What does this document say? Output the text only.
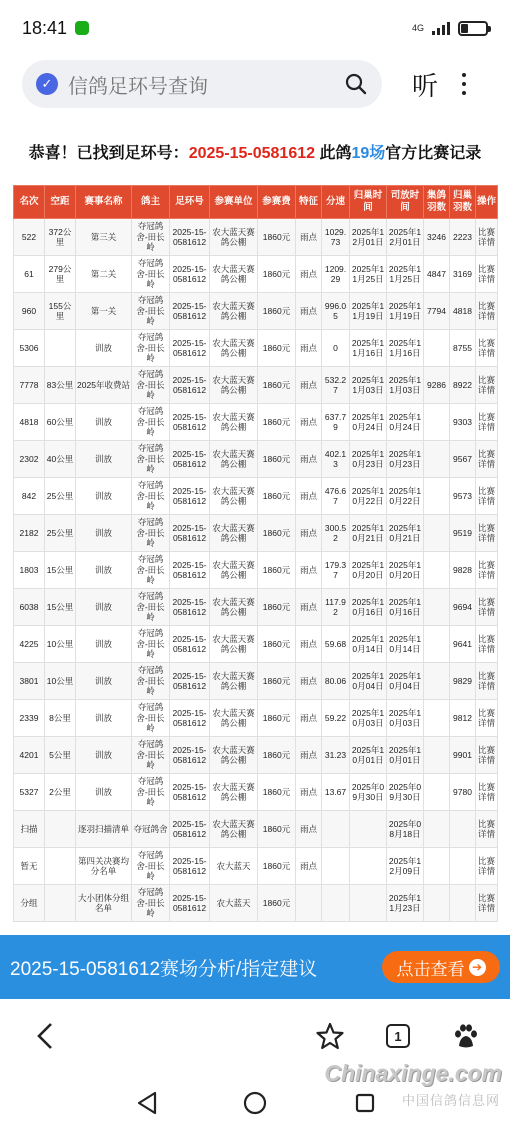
18:41	4G
✓ 信鸽足环号查询	听
恭喜！已找到足环号：2025-15-0581612 此鸽19场官方比赛记录
名次	空距	赛事名称	鸽主	足环号	参赛单位	参赛费	特征	分速	归巢时间	司放时间	集鸽羽数	归巢羽数	操作
522	372公里	第三关	夺冠鸽舍-田长岭	2025-15-0581612	农大蓝天赛鸽公棚	1860元	雨点	1029.73	2025年12月01日	2025年12月01日	3246	2223	比赛详情
61	279公里	第二关	夺冠鸽舍-田长岭	2025-15-0581612	农大蓝天赛鸽公棚	1860元	雨点	1209.29	2025年11月25日	2025年11月25日	4847	3169	比赛详情
960	155公里	第一关	夺冠鸽舍-田长岭	2025-15-0581612	农大蓝天赛鸽公棚	1860元	雨点	996.05	2025年11月19日	2025年11月19日	7794	4818	比赛详情
5306		训放	夺冠鸽舍-田长岭	2025-15-0581612	农大蓝天赛鸽公棚	1860元	雨点	0	2025年11月16日	2025年11月16日		8755	比赛详情
7778	83公里	2025年收费站	夺冠鸽舍-田长岭	2025-15-0581612	农大蓝天赛鸽公棚	1860元	雨点	532.27	2025年11月03日	2025年11月03日	9286	8922	比赛详情
4818	60公里	训放	夺冠鸽舍-田长岭	2025-15-0581612	农大蓝天赛鸽公棚	1860元	雨点	637.79	2025年10月24日	2025年10月24日		9303	比赛详情
2302	40公里	训放	夺冠鸽舍-田长岭	2025-15-0581612	农大蓝天赛鸽公棚	1860元	雨点	402.13	2025年10月23日	2025年10月23日		9567	比赛详情
842	25公里	训放	夺冠鸽舍-田长岭	2025-15-0581612	农大蓝天赛鸽公棚	1860元	雨点	476.67	2025年10月22日	2025年10月22日		9573	比赛详情
2182	25公里	训放	夺冠鸽舍-田长岭	2025-15-0581612	农大蓝天赛鸽公棚	1860元	雨点	300.52	2025年10月21日	2025年10月21日		9519	比赛详情
1803	15公里	训放	夺冠鸽舍-田长岭	2025-15-0581612	农大蓝天赛鸽公棚	1860元	雨点	179.37	2025年10月20日	2025年10月20日		9828	比赛详情
6038	15公里	训放	夺冠鸽舍-田长岭	2025-15-0581612	农大蓝天赛鸽公棚	1860元	雨点	117.92	2025年10月16日	2025年10月16日		9694	比赛详情
4225	10公里	训放	夺冠鸽舍-田长岭	2025-15-0581612	农大蓝天赛鸽公棚	1860元	雨点	59.68	2025年10月14日	2025年10月14日		9641	比赛详情
3801	10公里	训放	夺冠鸽舍-田长岭	2025-15-0581612	农大蓝天赛鸽公棚	1860元	雨点	80.06	2025年10月04日	2025年10月04日		9829	比赛详情
2339	8公里	训放	夺冠鸽舍-田长岭	2025-15-0581612	农大蓝天赛鸽公棚	1860元	雨点	59.22	2025年10月03日	2025年10月03日		9812	比赛详情
4201	5公里	训放	夺冠鸽舍-田长岭	2025-15-0581612	农大蓝天赛鸽公棚	1860元	雨点	31.23	2025年10月01日	2025年10月01日		9901	比赛详情
5327	2公里	训放	夺冠鸽舍-田长岭	2025-15-0581612	农大蓝天赛鸽公棚	1860元	雨点	13.67	2025年09月30日	2025年09月30日		9780	比赛详情
扫描		逐羽扫描清单	夺冠鸽舍	2025-15-0581612	农大蓝天赛鸽公棚	1860元	雨点			2025年08月18日			比赛详情
暂无		第四关决赛均分名单	夺冠鸽舍-田长岭	2025-15-0581612	农大蓝天	1860元	雨点			2025年12月09日			比赛详情
分组		大小团体分组名单	夺冠鸽舍-田长岭	2025-15-0581612	农大蓝天	1860元				2025年11月23日			比赛详情
2025-15-0581612赛场分析/指定建议	点击查看 ➔
1
Chinaxinge.com
中国信鸽信息网
